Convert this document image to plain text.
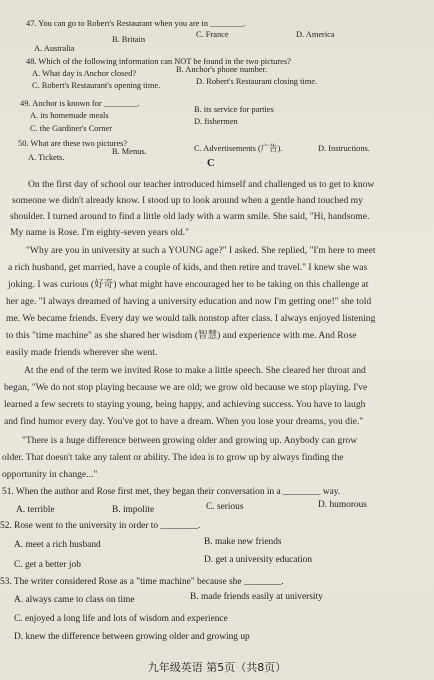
47. You can go to Robert's Restaurant when you are in ________.
A. Australia
B. Britain
C. France	D. America
48. Which of the following information can NOT be found in the two pictures?
A. What day is Anchor closed?	B. Anchor's phone number.
C. Robert's Restaurant's opening time.	D. Robert's Restaurant closing time.
49. Anchor is known for ________.
A. its homemade meals
B. its service for parties
C. the Gardiner's Corner
D. fishermen
50. What are these two pictures?
A. Tickets.
B. Menus.	C. Advertisements (广告).	D. Instructions.
C
On the first day of school our teacher introduced himself and challenged us to get to know
someone we didn't already know. I stood up to look around when a gentle hand touched my
shoulder. I turned around to find a little old lady with a warm smile. She said, "Hi, handsome.
My name is Rose. I'm eighty-seven years old."
"Why are you in university at such a YOUNG age?" I asked. She replied, "I'm here to meet
a rich husband, get married, have a couple of kids, and then retire and travel." I knew she was
joking. I was curious (好奇) what might have encouraged her to be taking on this challenge at
her age. "I always dreamed of having a university education and now I'm getting one!" she told
me. We became friends. Every day we would talk nonstop after class. I always enjoyed listening
to this "time machine" as she shared her wisdom (智慧) and experience with me. And Rose
easily made friends wherever she went.
At the end of the term we invited Rose to make a little speech. She cleared her throat and
began, "We do not stop playing because we are old; we grow old because we stop playing. I've
learned a few secrets to staying young, being happy, and achieving success. You have to laugh
and find humor every day. You've got to have a dream. When you lose your dreams, you die."
"There is a huge difference between growing older and growing up. Anybody can grow
older. That doesn't take any talent or ability. The idea is to grow up by always finding the
opportunity in change..."
51. When the author and Rose first met, they began their conversation in a ________ way.
A. terrible	B. impolite	C. serious	D. humorous
52. Rose went to the university in order to ________.
A. meet a rich husband	B. make new friends
C. get a better job	D. get a university education
53. The writer considered Rose as a "time machine" because she ________.
A. always came to class on time	B. made friends easily at university
C. enjoyed a long life and lots of wisdom and experience
D. knew the difference between growing older and growing up
九年级英语 第5页（共8页）
